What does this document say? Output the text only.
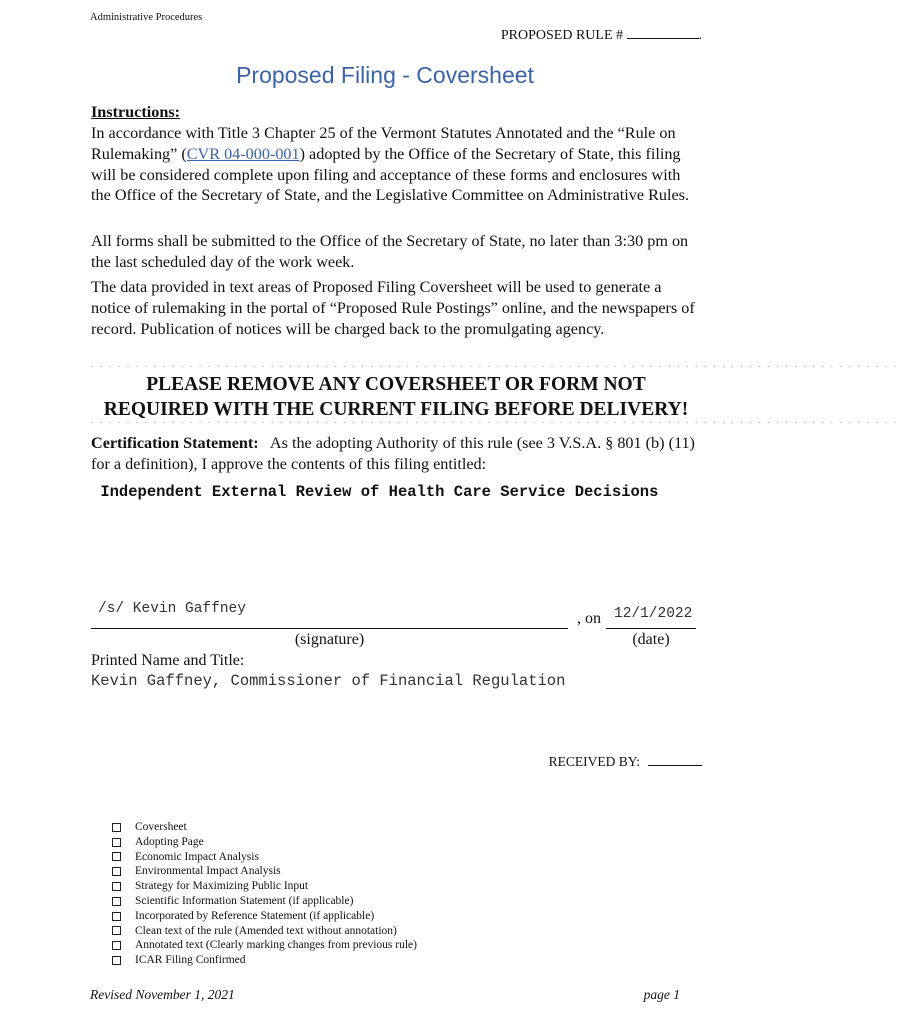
Administrative Procedures
PROPOSED RULE #	.
Proposed Filing - Coversheet
Instructions:
In accordance with Title 3 Chapter 25 of the Vermont Statutes Annotated and the “Rule on Rulemaking” (CVR 04-000-001) adopted by the Office of the Secretary of State, this filing will be considered complete upon filing and acceptance of these forms and enclosures with the Office of the Secretary of State, and the Legislative Committee on Administrative Rules.
All forms shall be submitted to the Office of the Secretary of State, no later than 3:30 pm on the last scheduled day of the work week.
The data provided in text areas of Proposed Filing Coversheet will be used to generate a notice of rulemaking in the portal of “Proposed Rule Postings” online, and the newspapers of record. Publication of notices will be charged back to the promulgating agency.
▪ ▪ ▪ ▪ ▪ ▪ ▪ ▪ ▪ ▪ ▪ ▪ ▪ ▪ ▪ ▪ ▪ ▪ ▪ ▪ ▪ ▪ ▪ ▪ ▪ ▪ ▪ ▪ ▪ ▪ ▪ ▪ ▪ ▪ ▪ ▪ ▪ ▪ ▪ ▪ ▪ ▪ ▪ ▪ ▪ ▪ ▪ ▪ ▪ ▪ ▪ ▪ ▪ ▪ ▪ ▪ ▪ ▪ ▪ ▪ ▪ ▪ ▪ ▪ ▪ ▪ ▪ ▪ ▪ ▪ ▪ ▪ ▪ ▪ ▪ ▪ ▪ ▪ ▪ ▪ ▪ ▪ ▪ ▪ ▪ ▪ ▪ ▪ ▪ ▪
PLEASE REMOVE ANY COVERSHEET OR FORM NOT
REQUIRED WITH THE CURRENT FILING BEFORE DELIVERY!
▪ ▪ ▪ ▪ ▪ ▪ ▪ ▪ ▪ ▪ ▪ ▪ ▪ ▪ ▪ ▪ ▪ ▪ ▪ ▪ ▪ ▪ ▪ ▪ ▪ ▪ ▪ ▪ ▪ ▪ ▪ ▪ ▪ ▪ ▪ ▪ ▪ ▪ ▪ ▪ ▪ ▪ ▪ ▪ ▪ ▪ ▪ ▪ ▪ ▪ ▪ ▪ ▪ ▪ ▪ ▪ ▪ ▪ ▪ ▪ ▪ ▪ ▪ ▪ ▪ ▪ ▪ ▪ ▪ ▪ ▪ ▪ ▪ ▪ ▪ ▪ ▪ ▪ ▪ ▪ ▪ ▪ ▪ ▪ ▪ ▪ ▪ ▪ ▪ ▪
Certification Statement: As the adopting Authority of this rule (see 3 V.S.A. § 801 (b) (11) for a definition), I approve the contents of this filing entitled:
Independent External Review of Health Care Service Decisions
/s/ Kevin Gaffney
, on 12/1/2022
(signature)	(date)
Printed Name and Title:
Kevin Gaffney, Commissioner of Financial Regulation
RECEIVED BY:
Coversheet
Adopting Page
Economic Impact Analysis
Environmental Impact Analysis
Strategy for Maximizing Public Input
Scientific Information Statement (if applicable)
Incorporated by Reference Statement (if applicable)
Clean text of the rule (Amended text without annotation)
Annotated text (Clearly marking changes from previous rule)
ICAR Filing Confirmed
Revised November 1, 2021	page 1
